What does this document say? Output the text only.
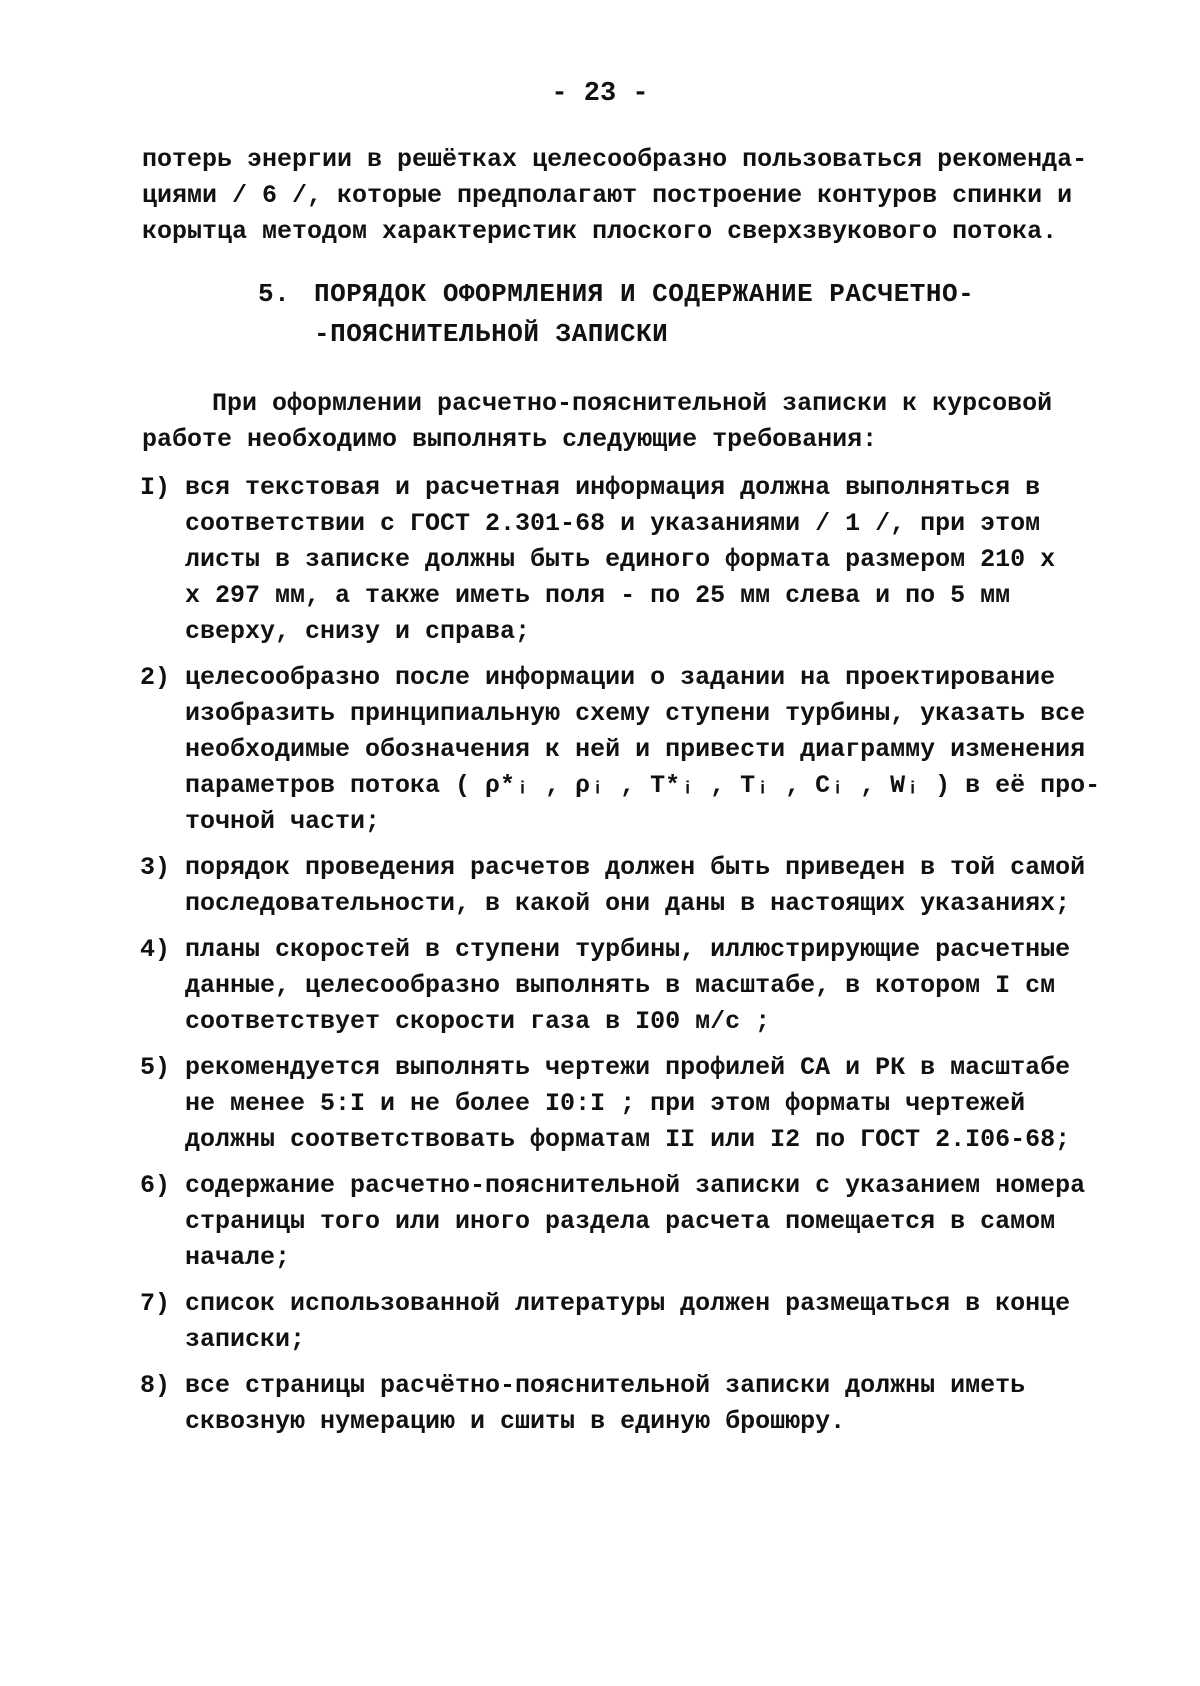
- 23 -
потерь энергии в решётках целесообразно пользоваться рекоменда-
циями / 6 /, которые предполагают построение контуров спинки и
корытца методом характеристик плоского сверхзвукового потока.
5. ПОРЯДОК ОФОРМЛЕНИЯ И СОДЕРЖАНИЕ РАСЧЕТНО-
-ПОЯСНИТЕЛЬНОЙ ЗАПИСКИ
При оформлении расчетно-пояснительной записки к курсовой
работе необходимо выполнять следующие требования:
I) вся текстовая и расчетная информация должна выполняться в
соответствии с ГОСТ 2.301-68 и указаниями / 1 /, при этом
листы в записке должны быть единого формата размером 210 х
х 297 мм, а также иметь поля - по 25 мм слева и по 5 мм
сверху, снизу и справа;
2) целесообразно после информации о задании на проектирование
изобразить принципиальную схему ступени турбины, указать все
необходимые обозначения к ней и привести диаграмму изменения
параметров потока ( ρ*ᵢ , ρᵢ , T*ᵢ , Tᵢ , Cᵢ , Wᵢ ) в её про-
точной части;
3) порядок проведения расчетов должен быть приведен в той самой
последовательности, в какой они даны в настоящих указаниях;
4) планы скоростей в ступени турбины, иллюстрирующие расчетные
данные, целесообразно выполнять в масштабе, в котором I см
соответствует скорости газа в I00 м/с ;
5) рекомендуется выполнять чертежи профилей СА и РК в масштабе
не менее 5:I и не более I0:I ; при этом форматы чертежей
должны соответствовать форматам II или I2 по ГОСТ 2.I06-68;
6) содержание расчетно-пояснительной записки с указанием номера
страницы того или иного раздела расчета помещается в самом
начале;
7) список использованной литературы должен размещаться в конце
записки;
8) все страницы расчётно-пояснительной записки должны иметь
сквозную нумерацию и сшиты в единую брошюру.
